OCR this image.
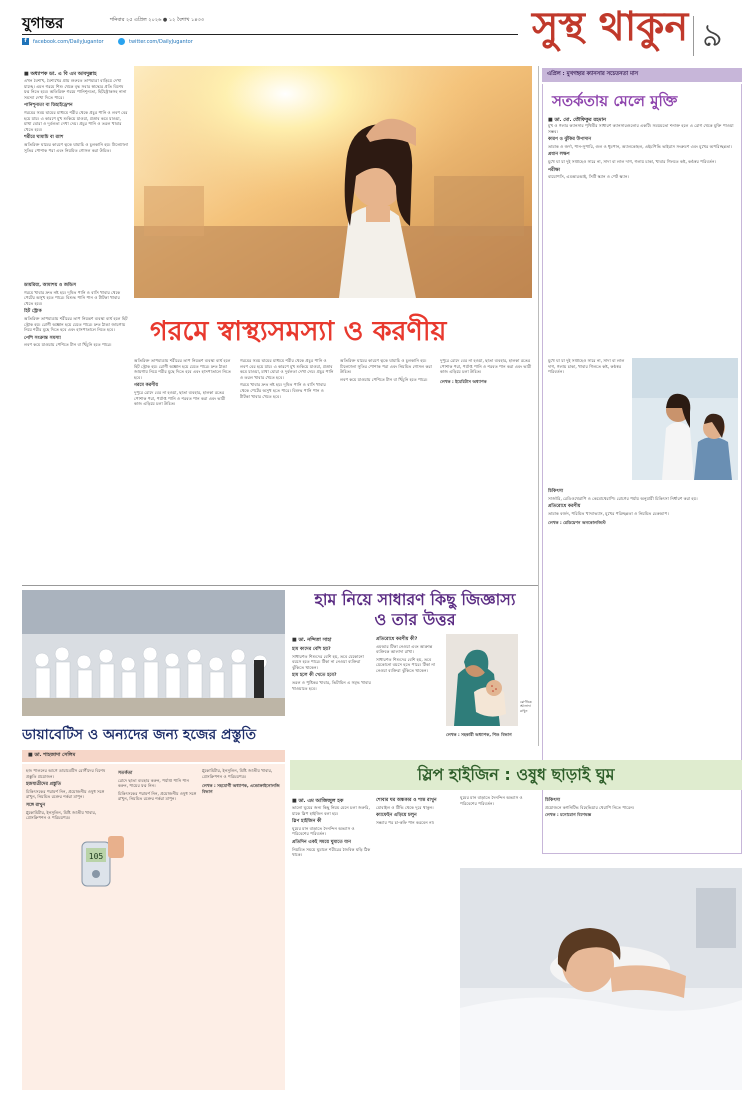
যুগান্তর	শনিবার ২৫ এপ্রিল ২০২৬ ● ১২ বৈশাখ ১৪৩৩
f	facebook.com/DailyJugantor	twitter.com/DailyJugantor	সুস্থ থাকুন ৯
■ অধ্যাপক ডা. এ বি এম আবদুল্লাহ

এখন বৈশাখ, বৈশাখের প্রায় শুরুতে তাপমাত্রা বাড়িয়ে দেখা যাচ্ছে। এমন গরমে শিশু থেকে বৃদ্ধ সবার স্বাস্থ্যের প্রতি বিশেষ যত্ন নিতে হবে। অতিরিক্ত গরমে পানিশূন্যতা, হিটস্ট্রোকসহ নানা সমস্যা দেখা দিতে পারে।

পানিশূন্যতা বা ডিহাইড্রেশন

গরমের সময় ঘামের মাধ্যমে শরীর থেকে প্রচুর পানি ও লবণ বের হয়ে যায়। এ কারণে মুখ শুকিয়ে যাওয়া, প্রস্রাব কমে যাওয়া, মাথা ঘোরা ও দুর্বলতা দেখা দেয়। প্রচুর পানি ও তরল খাবার খেতে হবে।

শরীরে ঘামাচি বা র‍্যাশ

অতিরিক্ত ঘামের কারণে ত্বকে ঘামাচি ও চুলকানি হয়। ঢিলেঢালা সুতির পোশাক পরা এবং নিয়মিত গোসল করা উচিত।

ডায়রিয়া, আমাশয় ও জন্ডিস

গরমে খাবার দ্রুত নষ্ট হয়। দূষিত পানি ও বাসি খাবার থেকে পেটের অসুখ হতে পারে। বিশুদ্ধ পানি পান ও টাটকা খাবার খেতে হবে।

হিট স্ট্রোক

অতিরিক্ত তাপমাত্রায় শরীরের তাপ নিয়ন্ত্রণ ব্যবস্থা ব্যর্থ হলে হিট স্ট্রোক হয়। রোগী অজ্ঞান হয়ে যেতে পারে। দ্রুত ঠান্ডা জায়গায় নিয়ে শরীর মুছে দিতে হবে এবং হাসপাতালে নিতে হবে।

পেশি সংক্রান্ত সমস্যা

লবণ কমে যাওয়ায় পেশিতে টান বা খিঁচুনি হতে পারে।	গরমে স্বাস্থ্যসমস্যা ও করণীয়

অতিরিক্ত তাপমাত্রায় শরীরের তাপ নিয়ন্ত্রণ ব্যবস্থা ব্যর্থ হলে হিট স্ট্রোক হয়। রোগী অজ্ঞান হয়ে যেতে পারে। দ্রুত ঠান্ডা জায়গায় নিয়ে শরীর মুছে দিতে হবে এবং হাসপাতালে নিতে হবে।

গরমে করণীয়

দুপুরে রোদে বের না হওয়া, ছাতা ব্যবহার, হালকা রঙের পোশাক পরা, পর্যাপ্ত পানি ও শরবত পান করা এবং ভারী কাজ এড়িয়ে চলা উচিত।

গরমের সময় ঘামের মাধ্যমে শরীর থেকে প্রচুর পানি ও লবণ বের হয়ে যায়। এ কারণে মুখ শুকিয়ে যাওয়া, প্রস্রাব কমে যাওয়া, মাথা ঘোরা ও দুর্বলতা দেখা দেয়। প্রচুর পানি ও তরল খাবার খেতে হবে।

গরমে খাবার দ্রুত নষ্ট হয়। দূষিত পানি ও বাসি খাবার থেকে পেটের অসুখ হতে পারে। বিশুদ্ধ পানি পান ও টাটকা খাবার খেতে হবে।

অতিরিক্ত ঘামের কারণে ত্বকে ঘামাচি ও চুলকানি হয়। ঢিলেঢালা সুতির পোশাক পরা এবং নিয়মিত গোসল করা উচিত।

লবণ কমে যাওয়ায় পেশিতে টান বা খিঁচুনি হতে পারে।

দুপুরে রোদে বের না হওয়া, ছাতা ব্যবহার, হালকা রঙের পোশাক পরা, পর্যাপ্ত পানি ও শরবত পান করা এবং ভারী কাজ এড়িয়ে চলা উচিত।

লেখক : ইমেরিটাস অধ্যাপক

এপ্রিল : মুখগহ্বর ক্যানসার সচেতনতা মাস
সতর্কতায় মেলে মুক্তি
■ ডা. মো. তৌফিকুর রহমান

মুখ ও গলার ক্যানসার পৃথিবীর সাধারণ ক্যানসারগুলোর একটি। সময়মতো শনাক্ত হলে এ রোগ থেকে মুক্তি পাওয়া সম্ভব।

কারণ ও ঝুঁকির উপাদান

তামাক ও জর্দা, পান-সুপারি, গুল ও ধূমপান, অ্যালকোহল, এইচপিভি ভাইরাস সংক্রমণ এবং মুখের অপরিচ্ছন্নতা।

প্রধান লক্ষণ

মুখে ঘা যা দুই সপ্তাহেও সারে না, সাদা বা লাল দাগ, গলায় চাকা, খাবার গিলতে কষ্ট, কণ্ঠস্বর পরিবর্তন।

পরীক্ষা

বায়োপসি, এমআরআই, সিটি স্ক্যান ও পেট স্ক্যান।

মুখে ঘা যা দুই সপ্তাহেও সারে না, সাদা বা লাল দাগ, গলায় চাকা, খাবার গিলতে কষ্ট, কণ্ঠস্বর পরিবর্তন।

চিকিৎসা

সার্জারি, রেডিওথেরাপি ও কেমোথেরাপি। রোগের পর্যায় অনুযায়ী চিকিৎসা নির্ধারণ করা হয়।

প্রতিরোধে করণীয়

তামাক বর্জন, পরিমিত খাদ্যাভ্যাস, মুখের পরিচ্ছন্নতা ও নিয়মিত চেকআপ।

লেখক : রেডিয়েশন অনকোলজিস্ট

হাম নিয়ে সাধারণ কিছু জিজ্ঞাস্য
ও তার উত্তর
■ ডা. নন্দিতা সাহা
হাম কাদের বেশি হয়?

সাধারণত শিশুদের বেশি হয়, তবে যেকোনো বয়সে হতে পারে। টিকা না নেওয়া ব্যক্তিরা ঝুঁকিতে থাকেন।

হাম হলে কী খেতে হবে?

তরল ও পুষ্টিকর খাবার, ভিটামিন এ সমৃদ্ধ খাবার খাওয়াতে হবে।

প্রতিরোধে করণীয় কী?

এমআর টিকা নেওয়া এবং আক্রান্ত ব্যক্তিকে আলাদা রাখা।

সাধারণত শিশুদের বেশি হয়, তবে যেকোনো বয়সে হতে পারে। টিকা না নেওয়া ব্যক্তিরা ঝুঁকিতে থাকেন।

রোগীকে আলাদা রাখুন

লেখক : সহকারী অধ্যাপক, শিশু বিভাগ

ডায়াবেটিস ও অন্যদের জন্য হজের প্রস্তুতি
■ ডা. শাহজাদা সেলিম

হজ পালনের আগে ডায়াবেটিস রোগীদের বিশেষ প্রস্তুতি প্রয়োজন।

হজযাত্রীদের প্রস্তুতি

চিকিৎসকের পরামর্শ নিন, প্রয়োজনীয় ওষুধ সঙ্গে রাখুন, নিয়মিত রক্তের শর্করা মাপুন।

সঙ্গে রাখুন

গ্লুকোমিটার, ইনসুলিন, মিষ্টি জাতীয় খাবার, প্রেসক্রিপশন ও পরিচয়পত্র।

105
সতর্কতা

রোদে ছাতা ব্যবহার করুন, পর্যাপ্ত পানি পান করুন, পায়ের যত্ন নিন।

চিকিৎসকের পরামর্শ নিন, প্রয়োজনীয় ওষুধ সঙ্গে রাখুন, নিয়মিত রক্তের শর্করা মাপুন।

গ্লুকোমিটার, ইনসুলিন, মিষ্টি জাতীয় খাবার, প্রেসক্রিপশন ও পরিচয়পত্র।

লেখক : সহযোগী অধ্যাপক, এন্ডোক্রাইনোলজি বিভাগ

স্লিপ হাইজিন : ওষুধ ছাড়াই ঘুম
■ ডা. এম আজিজুল হক

ভালো ঘুমের জন্য কিছু নিয়ম মেনে চলা জরুরি, যাকে স্লিপ হাইজিন বলা হয়।

স্লিপ হাইজিন কী

ঘুমের মান বাড়াতে দৈনন্দিন অভ্যাস ও পরিবেশের পরিবর্তন।

প্রতিদিন একই সময়ে ঘুমাতে যান

নিয়মিত সময়ে ঘুমালে শরীরের জৈবিক ঘড়ি ঠিক থাকে।

শোবার ঘর অন্ধকার ও শান্ত রাখুন

মোবাইল ও টিভি থেকে দূরে থাকুন।

ক্যাফেইন এড়িয়ে চলুন

সন্ধ্যার পর চা-কফি পান করবেন না।

ঘুমের মান বাড়াতে দৈনন্দিন অভ্যাস ও পরিবেশের পরিবর্তন।

চিকিৎসা

প্রয়োজনে কগনিটিভ বিহেভিয়ার থেরাপি নিতে পারেন।

লেখক : মনোরোগ বিশেষজ্ঞ
